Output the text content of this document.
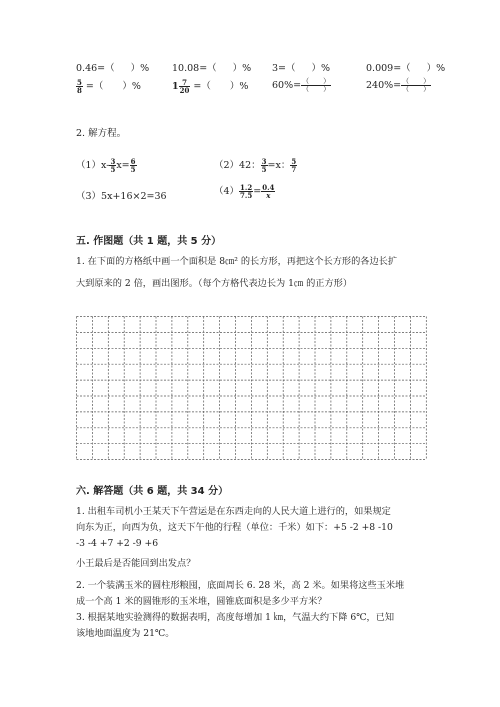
0.46=（ ）% 10.08=（ ）% 3=（ ）%	0.009=（ ）%
$\frac{5}{8}$ =（　　）%	$1 \frac{7}{20}$ =（　　）% $60\%= \frac{( )}{( )}$	$240\%= \frac{( )}{( )}$
2. 解方程。
$(1)x- \frac{3}{5} x= \frac{6}{5}$	（2）42： $\frac{3}{5} =x$： $\frac{5}{7}$
（3）5x+16×2=36	$(4) \frac{1.2}{7.5} = \frac{0.4}{x}$
五. 作图题（共 1 题，共 5 分）
1. 在下面的方格纸中画一个面积是 8㎝² 的长方形，再把这个长方形的各边长扩
大到原来的 2 倍，画出图形。（每个方格代表边长为 1㎝ 的正方形）
六. 解答题（共 6 题，共 34 分）
1. 出租车司机小王某天下午营运是在东西走向的人民大道上进行的，如果规定
向东为正，向西为负，这天下午他的行程（单位：千米）如下：+5 -2 +8 -10
-3 -4 +7 +2 -9 +6
小王最后是否能回到出发点？
2. 一个装满玉米的圆柱形粮囤，底面周长 6. 28 米，高 2 米。如果将这些玉米堆
成一个高 1 米的圆锥形的玉米堆，圆锥底面积是多少平方米？
3. 根据某地实验测得的数据表明，高度每增加 1 ㎞，气温大约下降 6℃，已知
该地地面温度为 21℃。
